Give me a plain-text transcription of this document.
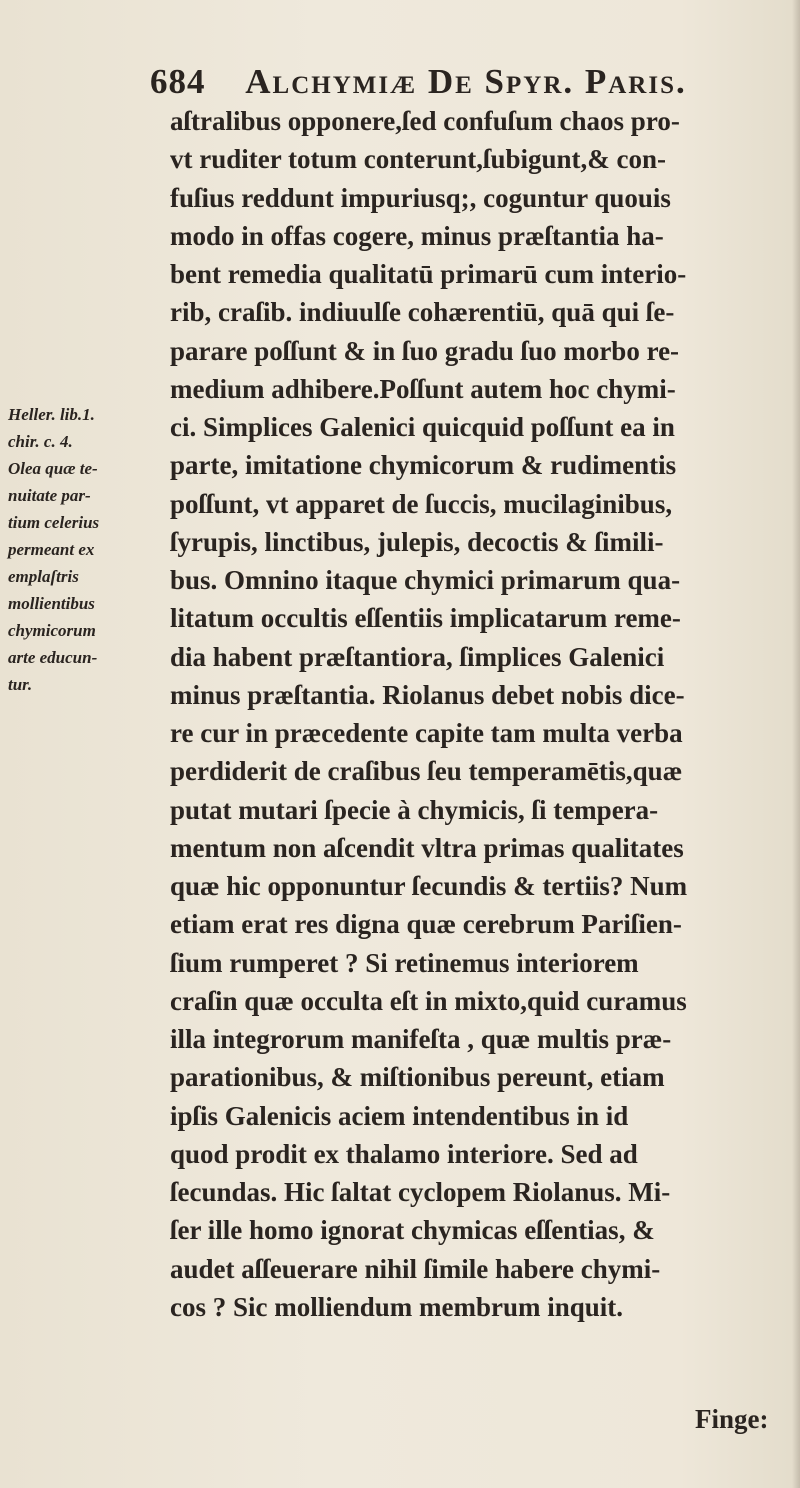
684 Alchymiæ De Spyr. Paris.
Heller. lib.1.
chir. c. 4.
Olea quæ te-
nuitate par-
tium celerius
permeant ex
emplaſtris
mollientibus
chymicorum
arte educun-
tur.
aſtralibus opponere,ſed confuſum chaos pro-
vt ruditer totum conterunt,ſubigunt,& con-
fuſius reddunt impuriusq;, coguntur quouis
modo in offas cogere, minus præſtantia ha-
bent remedia qualitatū primarū cum interio-
rib, craſib. indiuulſe cohærentiū, quā qui ſe-
parare poſſunt & in ſuo gradu ſuo morbo re-
medium adhibere.Poſſunt autem hoc chymi-
ci. Simplices Galenici quicquid poſſunt ea in
parte, imitatione chymicorum & rudimentis
poſſunt, vt apparet de ſuccis, mucilaginibus,
ſyrupis, linctibus, julepis, decoctis & ſimili-
bus. Omnino itaque chymici primarum qua-
litatum occultis eſſentiis implicatarum reme-
dia habent præſtantiora, ſimplices Galenici
minus præſtantia. Riolanus debet nobis dice-
re cur in præcedente capite tam multa verba
perdiderit de craſibus ſeu temperamētis,quæ
putat mutari ſpecie à chymicis, ſi tempera-
mentum non aſcendit vltra primas qualitates
quæ hic opponuntur ſecundis & tertiis? Num
etiam erat res digna quæ cerebrum Pariſien-
ſium rumperet ? Si retinemus interiorem
craſin quæ occulta eſt in mixto,quid curamus
illa integrorum manifeſta , quæ multis præ-
parationibus, & miſtionibus pereunt, etiam
ipſis Galenicis aciem intendentibus in id
quod prodit ex thalamo interiore. Sed ad
ſecundas. Hic ſaltat cyclopem Riolanus. Mi-
ſer ille homo ignorat chymicas eſſentias, &
audet aſſeuerare nihil ſimile habere chymi-
cos ? Sic molliendum membrum inquit.
Finge:
